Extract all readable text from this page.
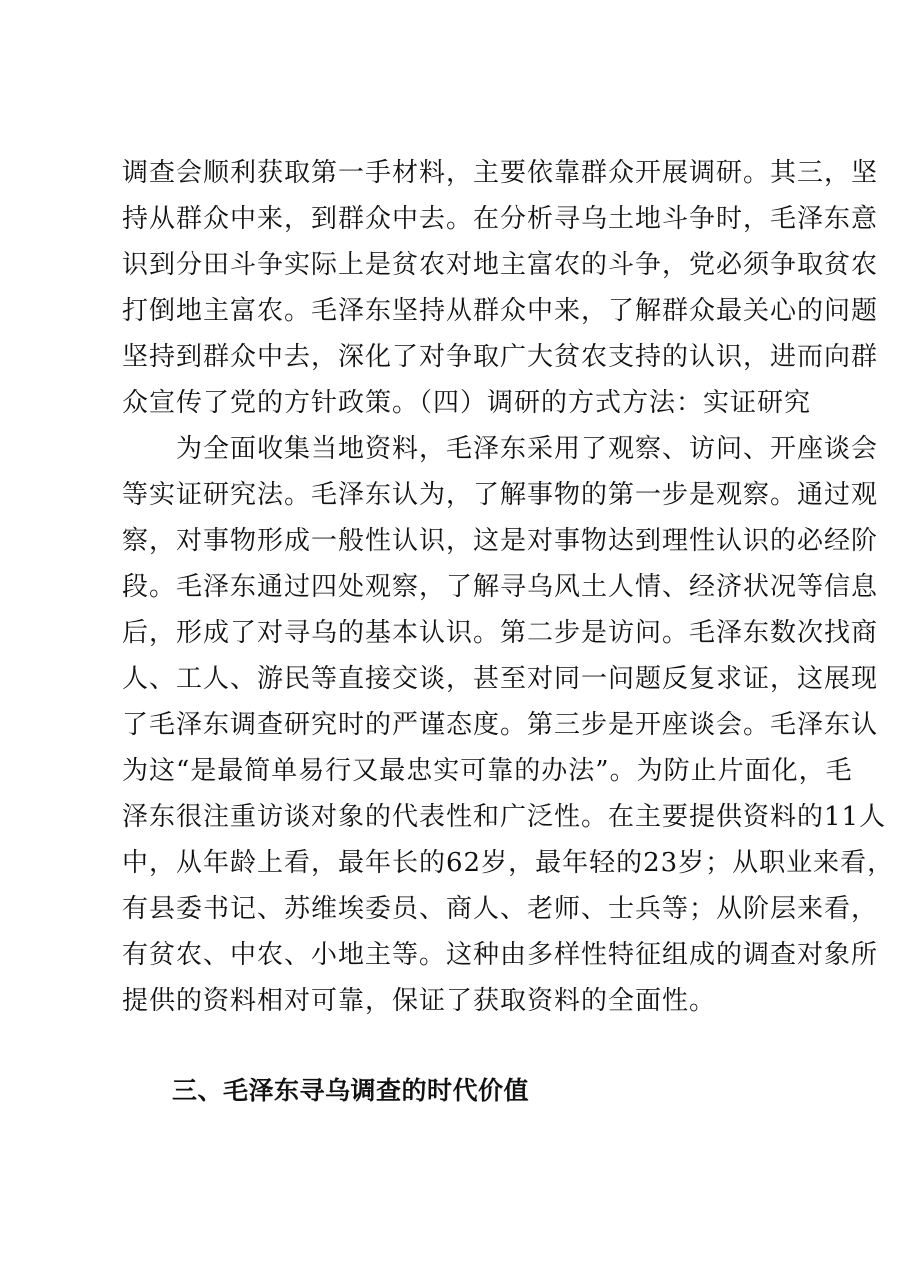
调查会顺利获取第一手材料，主要依靠群众开展调研。其三，坚
持从群众中来，到群众中去。在分析寻乌土地斗争时，毛泽东意
识到分田斗争实际上是贫农对地主富农的斗争，党必须争取贫农
打倒地主富农。毛泽东坚持从群众中来，了解群众最关心的问题
坚持到群众中去，深化了对争取广大贫农支持的认识，进而向群
众宣传了党的方针政策。（四）调研的方式方法：实证研究
　　为全面收集当地资料，毛泽东采用了观察、访问、开座谈会
等实证研究法。毛泽东认为，了解事物的第一步是观察。通过观
察，对事物形成一般性认识，这是对事物达到理性认识的必经阶
段。毛泽东通过四处观察，了解寻乌风土人情、经济状况等信息
后，形成了对寻乌的基本认识。第二步是访问。毛泽东数次找商
人、工人、游民等直接交谈，甚至对同一问题反复求证，这展现
了毛泽东调查研究时的严谨态度。第三步是开座谈会。毛泽东认
为这“是最简单易行又最忠实可靠的办法”。为防止片面化，毛
泽东很注重访谈对象的代表性和广泛性。在主要提供资料的11人
中，从年龄上看，最年长的62岁，最年轻的23岁；从职业来看，
有县委书记、苏维埃委员、商人、老师、士兵等；从阶层来看，
有贫农、中农、小地主等。这种由多样性特征组成的调查对象所
提供的资料相对可靠，保证了获取资料的全面性。
三、毛泽东寻乌调查的时代价值
